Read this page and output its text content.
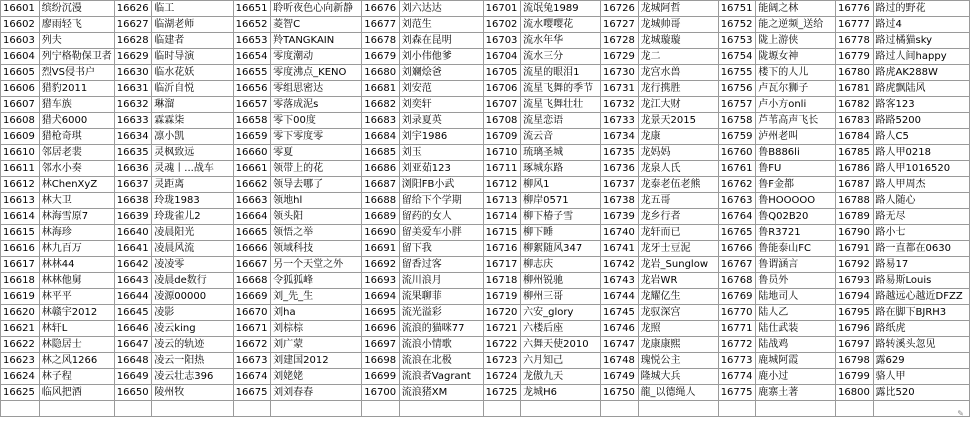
16601	缤纷沉漫	16626	临工	16651	聆听夜色心向新静	16676	刘六达达	16701	流氓兔1989	16726	龙城阿哲	16751	能阔之林	16776	路过的野花
16602	廖雨轻飞	16627	临湖老师	16652	菱智C	16677	刘范生	16702	流水嘤嘤花	16727	龙城帅哥	16752	能之逆频_送给	16777	路过4
16603	列夫	16628	临建者	16653	羚TANGKAIN	16678	刘森在昆明	16703	流水年华	16728	龙城璇璇	16753	陇上游侠	16778	路过橘猫sky
16604	列宁格勒保卫者	16629	临时导演	16654	零度潮动	16679	刘小伟他爹	16704	流水三分	16729	龙二	16754	陇塬女神	16779	路过人间happy
16605	烈VS侵书户	16630	临水花妖	16655	零度沸点_KENO	16680	刘斓烩爸	16705	流星的眼泪1	16730	龙宫水兽	16755	楼下的人儿	16780	路虎AK288W
16606	猎豹2011	16631	临沂自悦	16656	零组思密达	16681	刘安范	16706	流星飞舞的季节	16731	龙行携胜	16756	卢瓦尔狮子	16781	路虎飘陆风
16607	猎车族	16632	琳溜	16657	零落成泥s	16682	刘奕轩	16707	流星飞舞壮壮	16732	龙江大财	16757	卢小方onli	16782	路客123
16608	猎犬6000	16633	霖霖柒	16658	零下00度	16683	刘录夏英	16708	流星恋语	16733	龙景天2015	16758	芦苇高声飞长	16783	路路5200
16609	猎枪奇琪	16634	凛小凯	16659	零下零度零	16684	刘宇1986	16709	流云音	16734	龙康	16759	泸州老叫	16784	路人C5
16610	邻居老裴	16635	灵枫致远	16660	零夏	16685	刘玉	16710	琉璃圣城	16735	龙妈妈	16760	鲁B886li	16785	路人甲0218
16611	邻水小奏	16636	灵魂丨...战车	16661	领带上的花	16686	刘亚茹123	16711	琢城东路	16736	龙泉人氏	16761	鲁FU	16786	路人甲1016520
16612	林ChenXyZ	16637	灵距离	16662	领导去哪了	16687	浏阳FB小武	16712	柳风1	16737	龙泰老伍老熊	16762	鲁F金都	16787	路人甲周杰
16613	林大卫	16638	玲珑1983	16663	领地hl	16688	留给下个学期	16713	柳岸0571	16738	龙五哥	16763	鲁HOOOOO	16788	路人随心
16614	林海雪原7	16639	玲珑雀儿2	16664	领头阳	16689	留药的女人	16714	柳下椿子雪	16739	龙乡行者	16764	鲁Q02B20	16789	路无尽
16615	林海珍	16640	凌晨阳光	16665	领悟之举	16690	留美爱车小胖	16715	柳下睡	16740	龙轩而已	16765	鲁R3721	16790	路小七
16616	林九百万	16641	凌晨风流	16666	领域科技	16691	留下我	16716	柳絮随风347	16741	龙牙士豆泥	16766	鲁能泰山FC	16791	路一直都在0630
16617	林林44	16642	凌凌零	16667	另一个天堂之外	16692	留香过客	16717	柳志庆	16742	龙岩_Sunglow	16767	鲁谓涵言	16792	路易17
16618	林林他舅	16643	凌晨de数行	16668	令狐狐峰	16693	流川浪月	16718	柳州锐驰	16743	龙岩WR	16768	鲁员外	16793	路易斯Louis
16619	林平平	16644	凌源00000	16669	刘_先_生	16694	流果聊菲	16719	柳州三哥	16744	龙耀亿生	16769	陆地司人	16794	路越远心越近DFZZ
16620	林赣宇2012	16645	凌影	16670	刘ha	16695	流光溢彩	16720	六安_glory	16745	龙驭深宫	16770	陆人乙	16795	路在脚下BJRH3
16621	林轩L	16646	凌云king	16671	刘棕棕	16696	流浪的猫咪77	16721	六楼后座	16746	龙照	16771	陆仕武装	16796	路纸虎
16622	林隐居士	16647	凌云的轨迹	16672	刘广蒙	16697	流浪小情歌	16722	六舞天使2010	16747	龙康康熙	16772	陆战鸡	16797	路转溪头忽见
16623	林之风1266	16648	凌云一阳热	16673	刘建国2012	16698	流浪在北极	16723	六月知己	16748	瑰悦公主	16773	鹿城阿霞	16798	露629
16624	林子程	16649	凌云壮志396	16674	刘姥姥	16699	流浪者Vagrant	16724	龙傲九天	16749	隆城大兵	16774	鹿小过	16799	骆人甲
16625	临风把酒	16650	陵州牧	16675	刘刘春春	16700	流浪猪XM	16725	龙城H6	16750	龍_以德绳人	16775	鹿寨土著	16800	露比520

✎
